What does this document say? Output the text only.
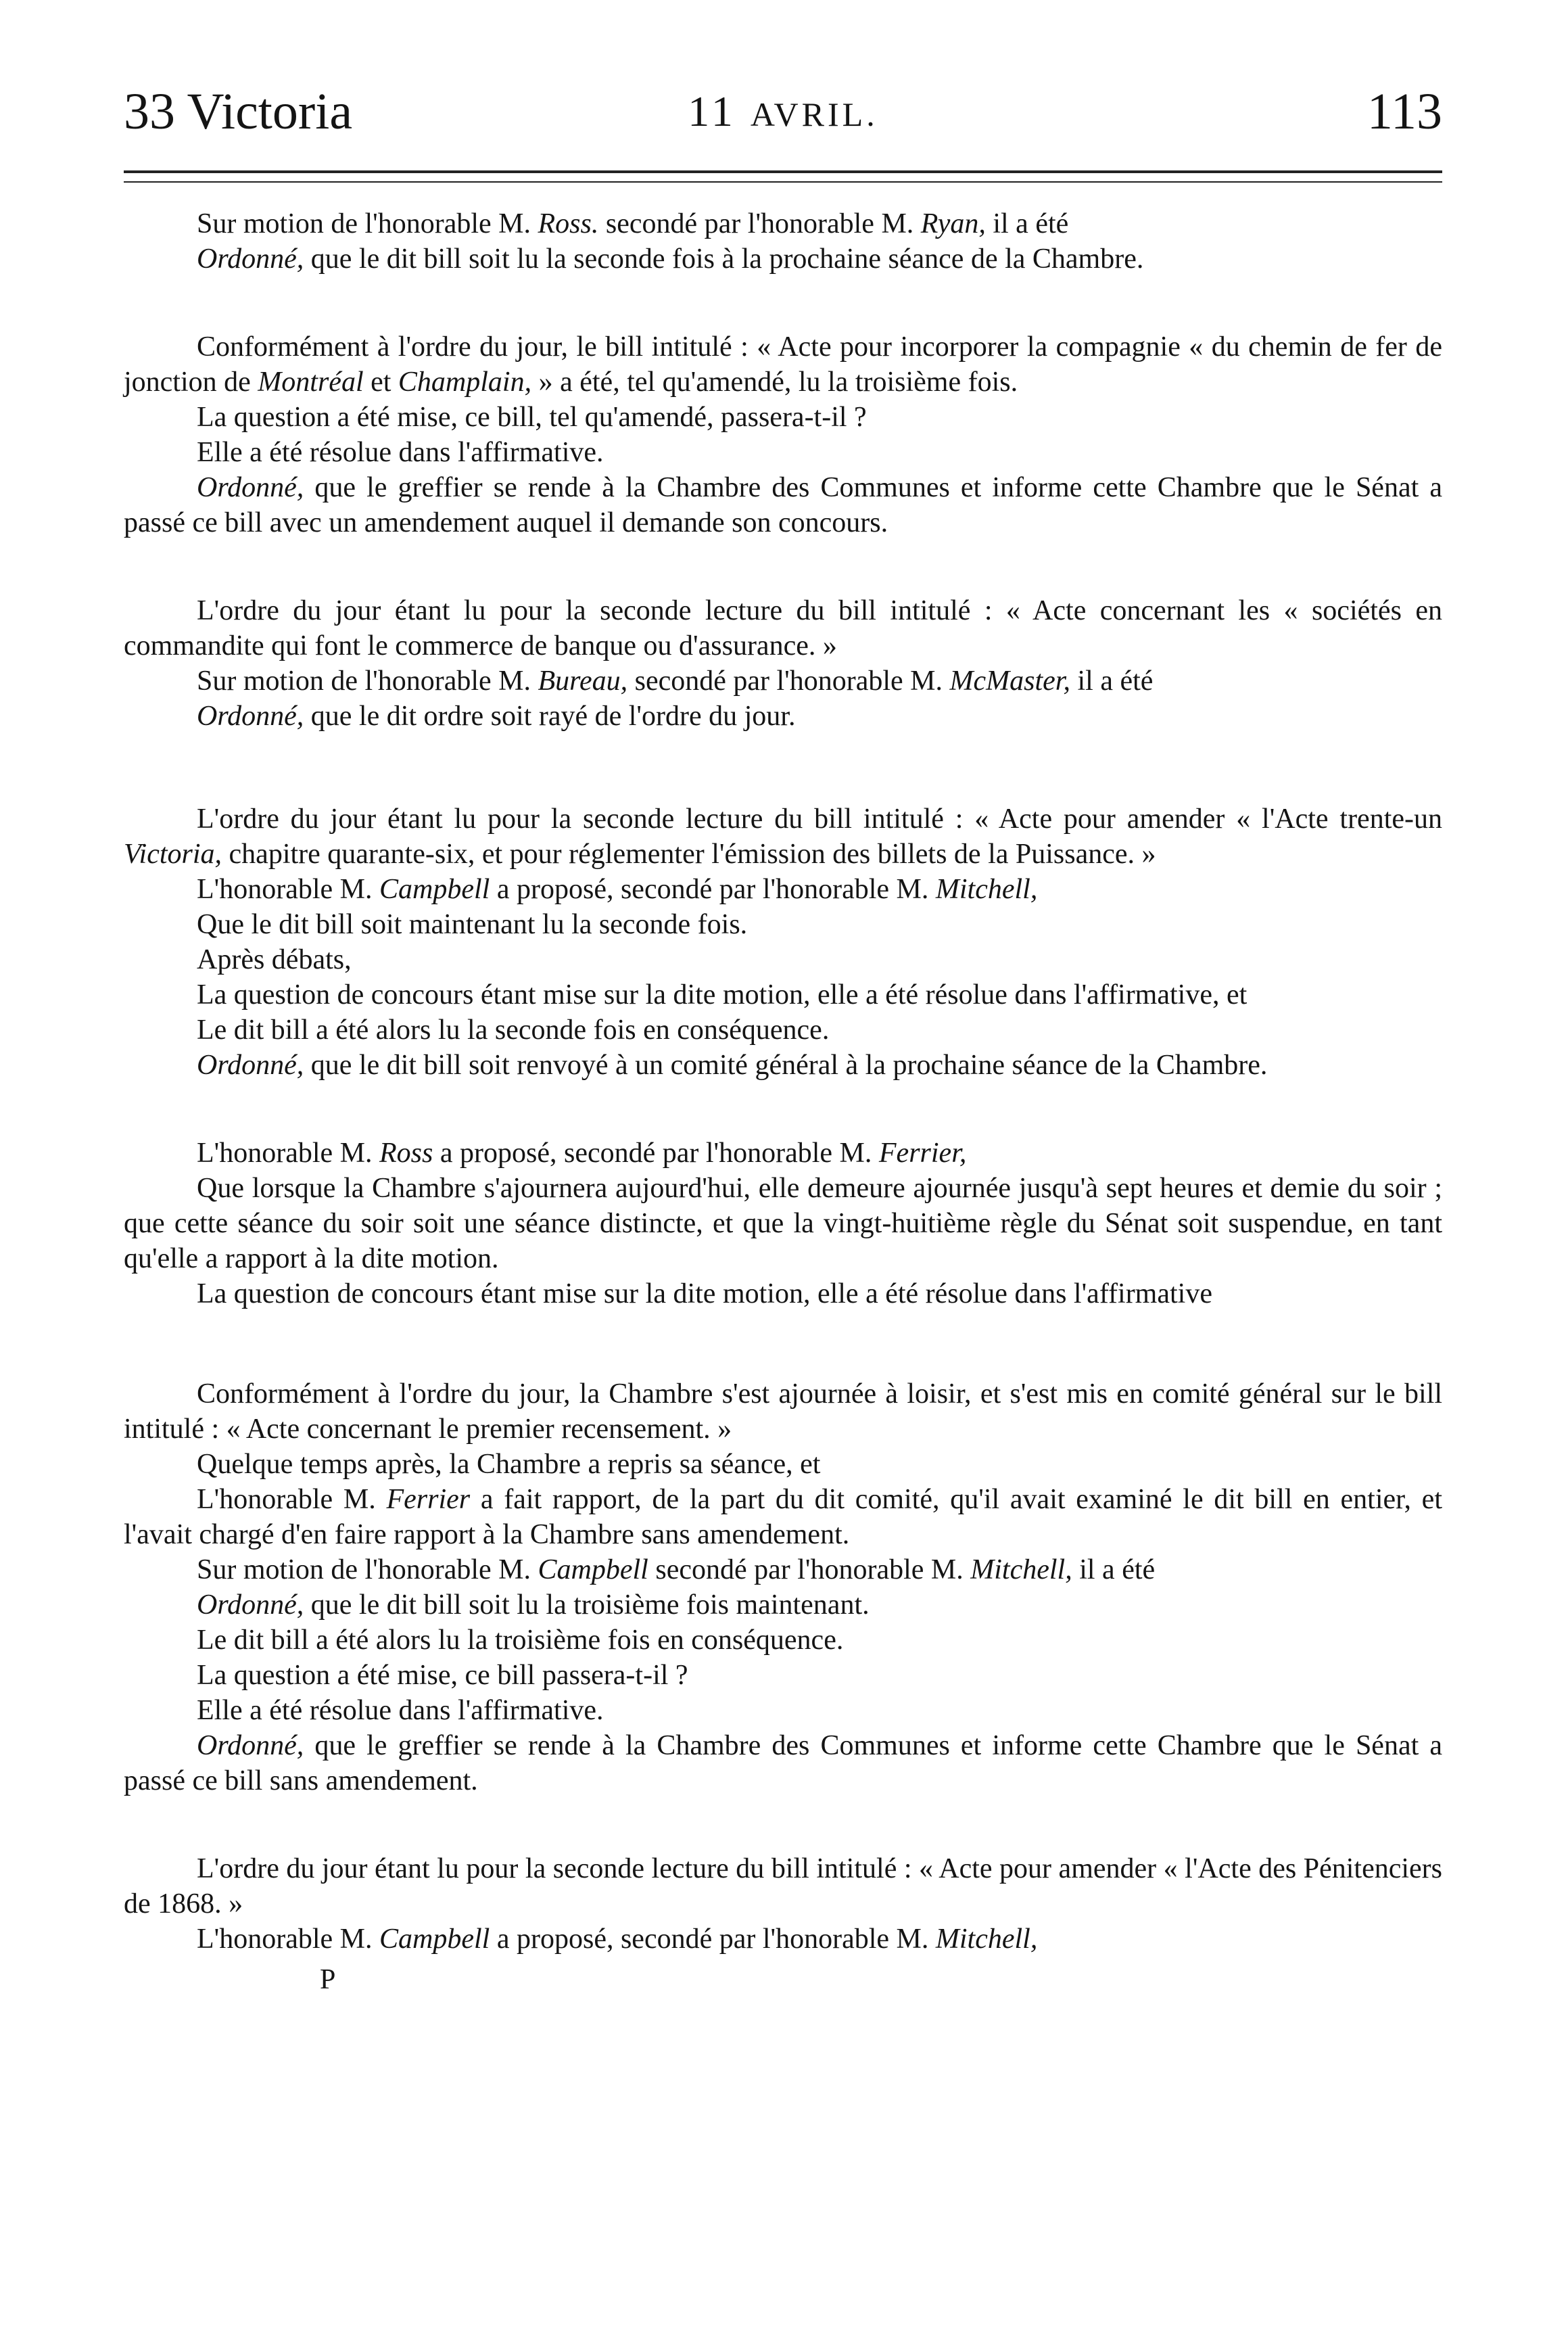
33 Victoria	11 AVRIL.	113

Sur motion de l'honorable M. Ross. secondé par l'honorable M. Ryan, il a été

Ordonné, que le dit bill soit lu la seconde fois à la prochaine séance de la Chambre.

Conformément à l'ordre du jour, le bill intitulé : « Acte pour incorporer la compagnie « du chemin de fer de jonction de Montréal et Champlain, » a été, tel qu'amendé, lu la troisième fois.

La question a été mise, ce bill, tel qu'amendé, passera-t-il ?

Elle a été résolue dans l'affirmative.

Ordonné, que le greffier se rende à la Chambre des Communes et informe cette Chambre que le Sénat a passé ce bill avec un amendement auquel il demande son concours.

L'ordre du jour étant lu pour la seconde lecture du bill intitulé : « Acte concernant les « sociétés en commandite qui font le commerce de banque ou d'assurance. »

Sur motion de l'honorable M. Bureau, secondé par l'honorable M. McMaster, il a été

Ordonné, que le dit ordre soit rayé de l'ordre du jour.

L'ordre du jour étant lu pour la seconde lecture du bill intitulé : « Acte pour amender « l'Acte trente-un Victoria, chapitre quarante-six, et pour réglementer l'émission des billets de la Puissance. »

L'honorable M. Campbell a proposé, secondé par l'honorable M. Mitchell,

Que le dit bill soit maintenant lu la seconde fois.

Après débats,

La question de concours étant mise sur la dite motion, elle a été résolue dans l'affirmative, et

Le dit bill a été alors lu la seconde fois en conséquence.

Ordonné, que le dit bill soit renvoyé à un comité général à la prochaine séance de la Chambre.

L'honorable M. Ross a proposé, secondé par l'honorable M. Ferrier,

Que lorsque la Chambre s'ajournera aujourd'hui, elle demeure ajournée jusqu'à sept heures et demie du soir ; que cette séance du soir soit une séance distincte, et que la vingt-huitième règle du Sénat soit suspendue, en tant qu'elle a rapport à la dite motion.

La question de concours étant mise sur la dite motion, elle a été résolue dans l'affirmative

Conformément à l'ordre du jour, la Chambre s'est ajournée à loisir, et s'est mis en comité général sur le bill intitulé : « Acte concernant le premier recensement. »

Quelque temps après, la Chambre a repris sa séance, et

L'honorable M. Ferrier a fait rapport, de la part du dit comité, qu'il avait examiné le dit bill en entier, et l'avait chargé d'en faire rapport à la Chambre sans amendement.

Sur motion de l'honorable M. Campbell secondé par l'honorable M. Mitchell, il a été

Ordonné, que le dit bill soit lu la troisième fois maintenant.

Le dit bill a été alors lu la troisième fois en conséquence.

La question a été mise, ce bill passera-t-il ?

Elle a été résolue dans l'affirmative.

Ordonné, que le greffier se rende à la Chambre des Communes et informe cette Chambre que le Sénat a passé ce bill sans amendement.

L'ordre du jour étant lu pour la seconde lecture du bill intitulé : « Acte pour amender « l'Acte des Pénitenciers de 1868. »

L'honorable M. Campbell a proposé, secondé par l'honorable M. Mitchell,

P
